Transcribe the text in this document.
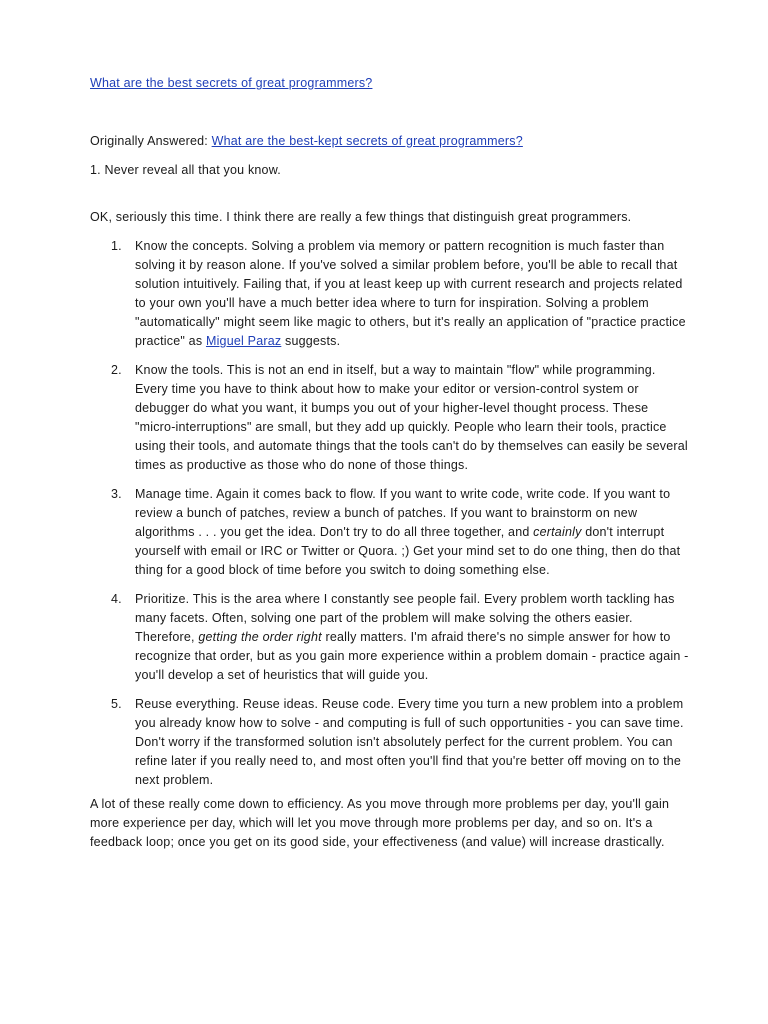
What are the best secrets of great programmers?
Originally Answered: What are the best-kept secrets of great programmers?
1. Never reveal all that you know.
OK, seriously this time. I think there are really a few things that distinguish great programmers.
1. Know the concepts. Solving a problem via memory or pattern recognition is much faster than solving it by reason alone. If you've solved a similar problem before, you'll be able to recall that solution intuitively. Failing that, if you at least keep up with current research and projects related to your own you'll have a much better idea where to turn for inspiration. Solving a problem "automatically" might seem like magic to others, but it's really an application of "practice practice practice" as Miguel Paraz suggests.
2. Know the tools. This is not an end in itself, but a way to maintain "flow" while programming. Every time you have to think about how to make your editor or version-control system or debugger do what you want, it bumps you out of your higher-level thought process. These "micro-interruptions" are small, but they add up quickly. People who learn their tools, practice using their tools, and automate things that the tools can't do by themselves can easily be several times as productive as those who do none of those things.
3. Manage time. Again it comes back to flow. If you want to write code, write code. If you want to review a bunch of patches, review a bunch of patches. If you want to brainstorm on new algorithms . . . you get the idea. Don't try to do all three together, and certainly don't interrupt yourself with email or IRC or Twitter or Quora. ;) Get your mind set to do one thing, then do that thing for a good block of time before you switch to doing something else.
4. Prioritize. This is the area where I constantly see people fail. Every problem worth tackling has many facets. Often, solving one part of the problem will make solving the others easier. Therefore, getting the order right really matters. I'm afraid there's no simple answer for how to recognize that order, but as you gain more experience within a problem domain - practice again - you'll develop a set of heuristics that will guide you.
5. Reuse everything. Reuse ideas. Reuse code. Every time you turn a new problem into a problem you already know how to solve - and computing is full of such opportunities - you can save time. Don't worry if the transformed solution isn't absolutely perfect for the current problem. You can refine later if you really need to, and most often you'll find that you're better off moving on to the next problem.
A lot of these really come down to efficiency. As you move through more problems per day, you'll gain more experience per day, which will let you move through more problems per day, and so on. It's a feedback loop; once you get on its good side, your effectiveness (and value) will increase drastically.
